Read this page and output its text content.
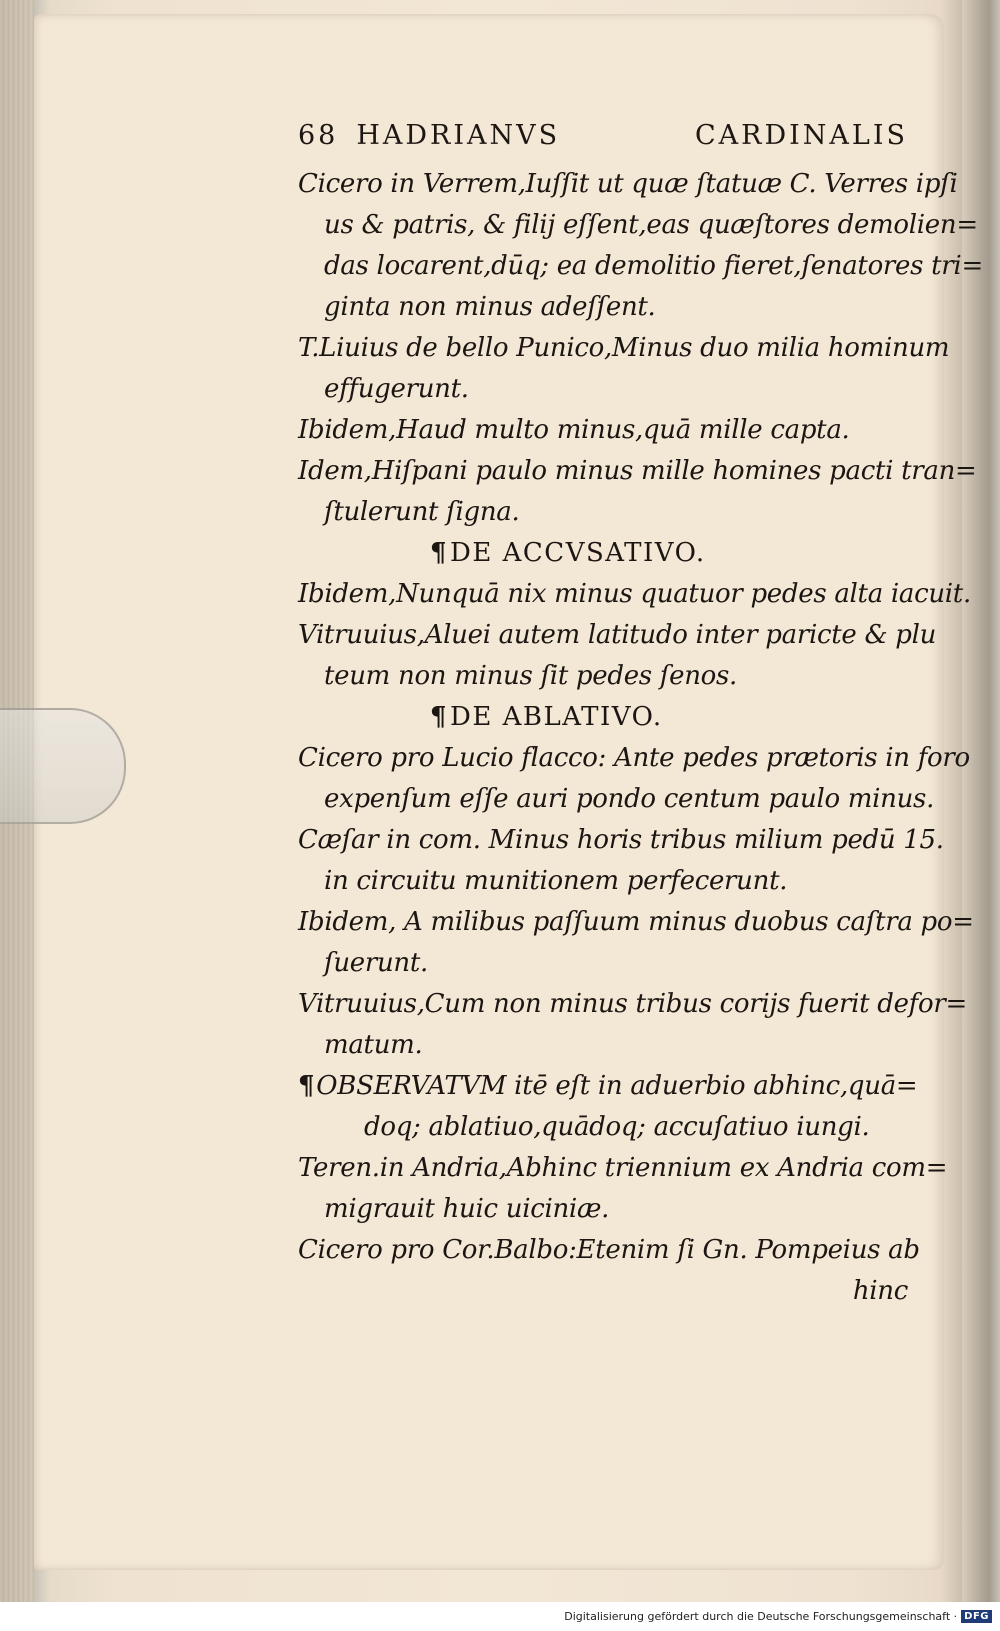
68 HADRIANVS	CARDINALIS
Cicero in Verrem,Iuſſit ut quæ ſtatuæ C. Verres ipſi
us & patris, & filij eſſent,eas quæſtores demolien=
das locarent,dūq; ea demolitio fieret,ſenatores tri=
ginta non minus adeſſent.
T.Liuius de bello Punico,Minus duo milia hominum
effugerunt.
Ibidem,Haud multo minus,quā mille capta.
Idem,Hiſpani paulo minus mille homines pacti tran=
ſtulerunt ſigna.
¶DE ACCVSATIVO.
Ibidem,Nunquā nix minus quatuor pedes alta iacuit.
Vitruuius,Aluei autem latitudo inter paricte & plu
teum non minus ſit pedes ſenos.
¶DE ABLATIVO.
Cicero pro Lucio flacco: Ante pedes prætoris in foro
expenſum eſſe auri pondo centum paulo minus.
Cæſar in com. Minus horis tribus milium pedū 15.
in circuitu munitionem perfecerunt.
Ibidem, A milibus paſſuum minus duobus caſtra po=
ſuerunt.
Vitruuius,Cum non minus tribus corijs fuerit defor=
matum.
¶OBSERVATVM itē eſt in aduerbio abhinc,quā=
doq; ablatiuo,quādoq; accuſatiuo iungi.
Teren.in Andria,Abhinc triennium ex Andria com=
migrauit huic uiciniæ.
Cicero pro Cor.Balbo:Etenim ſi Gn. Pompeius ab
hinc
Digitalisierung gefördert durch die Deutsche Forschungsgemeinschaft · DFG
